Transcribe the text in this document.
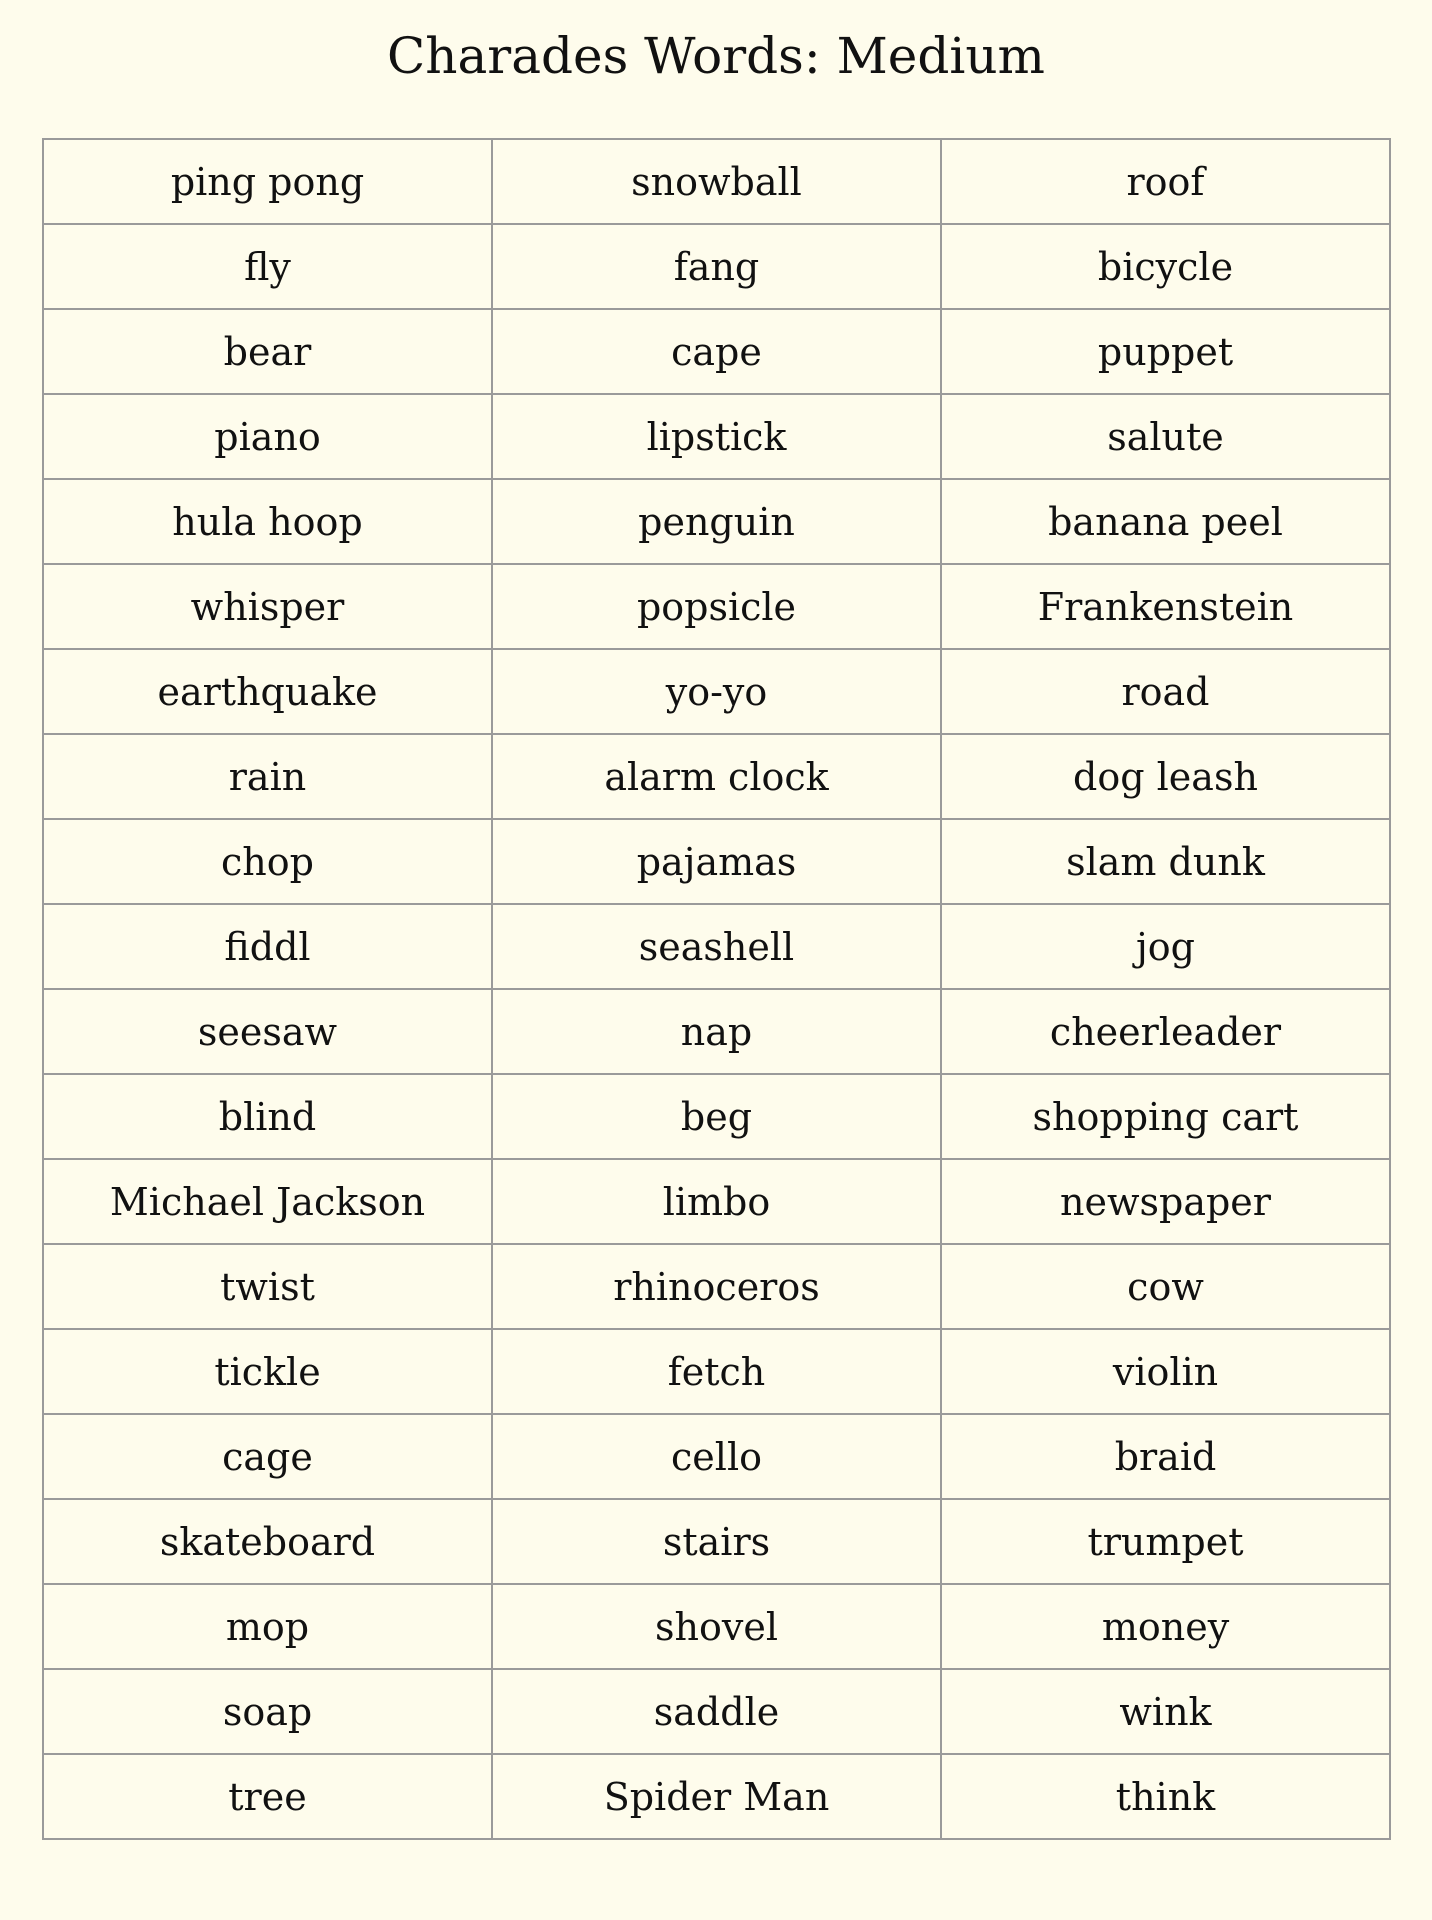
Charades Words: Medium
ping pong	snowball	roof
fly	fang	bicycle
bear	cape	puppet
piano	lipstick	salute
hula hoop	penguin	banana peel
whisper	popsicle	Frankenstein
earthquake	yo-yo	road
rain	alarm clock	dog leash
chop	pajamas	slam dunk
fiddl	seashell	jog
seesaw	nap	cheerleader
blind	beg	shopping cart
Michael Jackson	limbo	newspaper
twist	rhinoceros	cow
tickle	fetch	violin
cage	cello	braid
skateboard	stairs	trumpet
mop	shovel	money
soap	saddle	wink
tree	Spider Man	think
